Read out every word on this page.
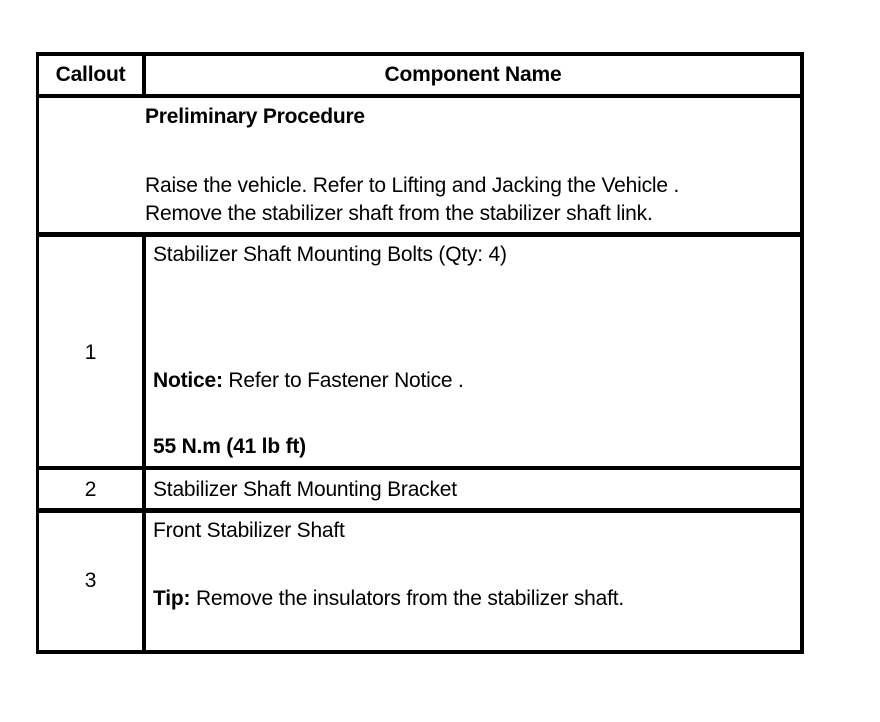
Callout	Component Name
Preliminary Procedure
Raise the vehicle. Refer to Lifting and Jacking the Vehicle .
Remove the stabilizer shaft from the stabilizer shaft link.
1
Stabilizer Shaft Mounting Bolts (Qty: 4)
Notice: Refer to Fastener Notice .
55 N.m (41 lb ft)
2	Stabilizer Shaft Mounting Bracket
3
Front Stabilizer Shaft
Tip: Remove the insulators from the stabilizer shaft.
